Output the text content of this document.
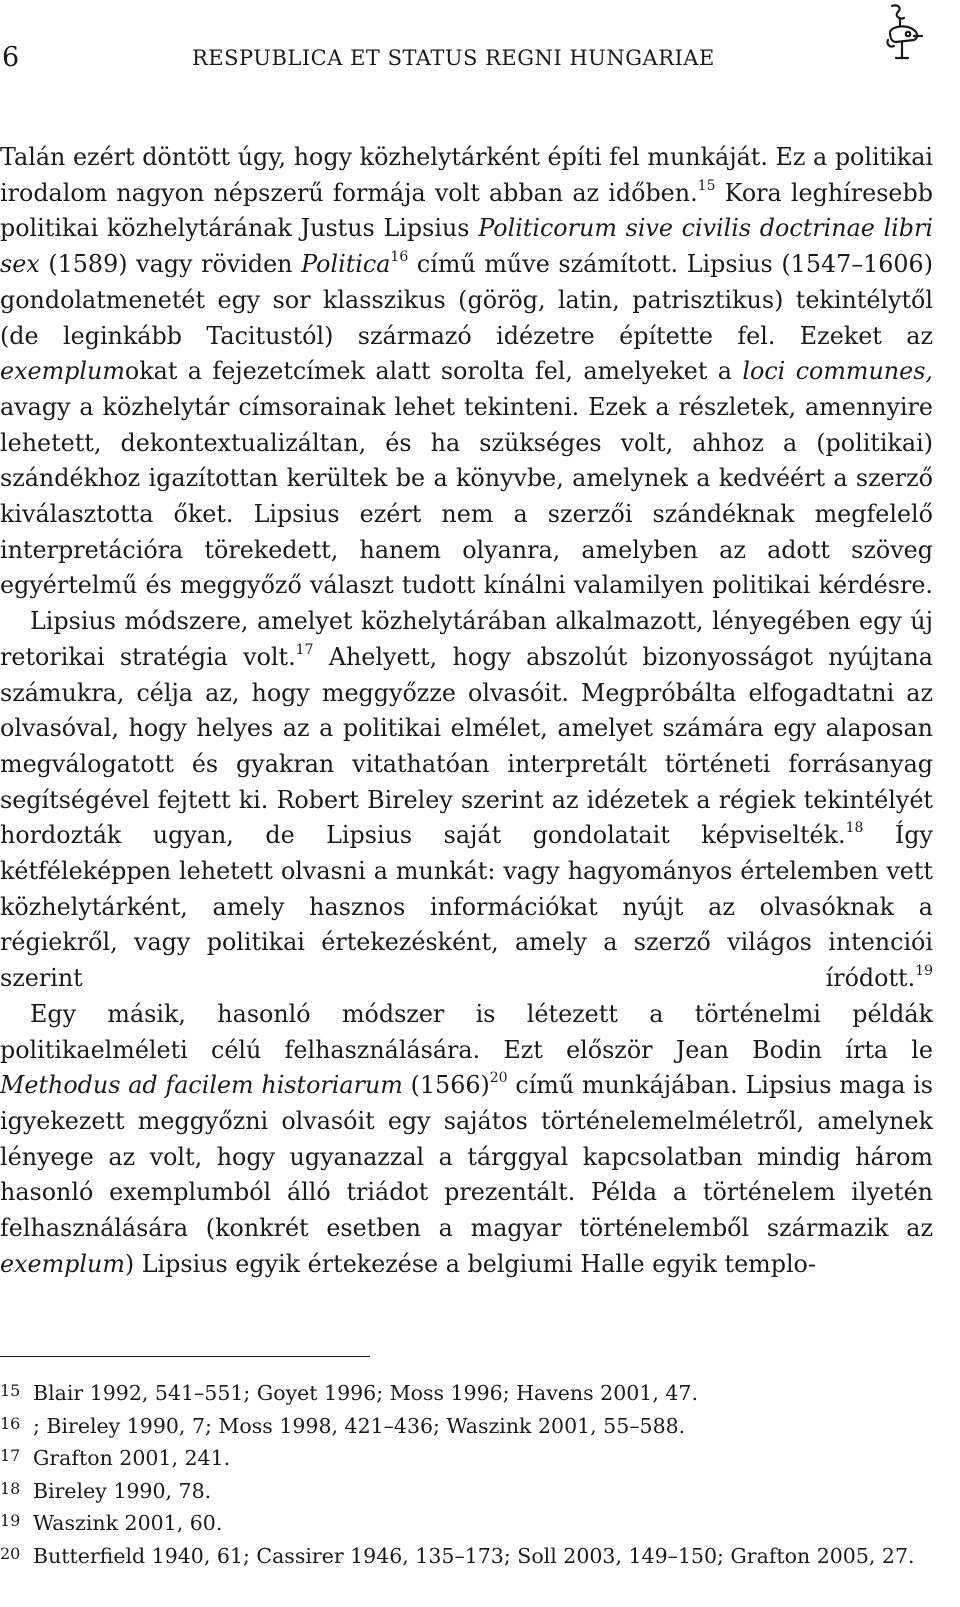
6	RESPUBLICA ET STATUS REGNI HUNGARIAE

Talán ezért döntött úgy, hogy közhelytárként építi fel munkáját. Ez a politikai irodalom nagyon népszerű formája volt abban az időben.$^{15}$ Kora leghíresebb politikai közhelytárának Justus Lipsius Politicorum sive civilis doctrinae libri sex (1589) vagy röviden Politica$^{16}$ című műve számított. Lipsius (1547–1606) gondolatmenetét egy sor klasszikus (görög, latin, patrisztikus) tekintélytől (de leginkább Tacitustól) származó idézetre építette fel. Ezeket az exemplumokat a fejezetcímek alatt sorolta fel, amelyeket a loci communes, avagy a közhelytár címsorainak lehet tekinteni. Ezek a részletek, amennyire lehetett, dekontextualizáltan, és ha szükséges volt, ahhoz a (politikai) szándékhoz igazítottan kerültek be a könyvbe, amelynek a kedvéért a szerző kiválasztotta őket. Lipsius ezért nem a szerzői szándéknak megfelelő interpretációra törekedett, hanem olyanra, amelyben az adott szöveg egyértelmű és meggyőző választ tudott kínálni valamilyen politikai kérdésre.

Lipsius módszere, amelyet közhelytárában alkalmazott, lényegében egy új retorikai stratégia volt.$^{17}$ Ahelyett, hogy abszolút bizonyosságot nyújtana számukra, célja az, hogy meggyőzze olvasóit. Megpróbálta elfogadtatni az olvasóval, hogy helyes az a politikai elmélet, amelyet számára egy alaposan megválogatott és gyakran vitathatóan interpretált történeti forrásanyag segítségével fejtett ki. Robert Bireley szerint az idézetek a régiek tekintélyét hordozták ugyan, de Lipsius saját gondolatait képviselték.$^{18}$ Így kétféleképpen lehetett olvasni a munkát: vagy hagyományos értelemben vett közhelytárként, amely hasznos információkat nyújt az olvasóknak a régiekről, vagy politikai értekezésként, amely a szerző világos intenciói szerint íródott.$^{19}$

Egy másik, hasonló módszer is létezett a történelmi példák politikaelméleti célú felhasználására. Ezt először Jean Bodin írta le Methodus ad facilem historiarum $(1566)^{20}$ című munkájában. Lipsius maga is igyekezett meggyőzni olvasóit egy sajátos történelemelméletről, amelynek lényege az volt, hogy ugyanazzal a tárggyal kapcsolatban mindig három hasonló exemplumból álló triádot prezentált. Példa a történelem ilyetén felhasználására (konkrét esetben a magyar történelemből származik az exemplum) Lipsius egyik értekezése a belgiumi Halle egyik templo-

15 Blair 1992, 541–551; Goyet 1996; Moss 1996; Havens 2001, 47.
16 ; Bireley 1990, 7; Moss 1998, 421–436; Waszink 2001, 55–588.
17 Grafton 2001, 241.
18 Bireley 1990, 78.
19 Waszink 2001, 60.
20 Butterfield 1940, 61; Cassirer 1946, 135–173; Soll 2003, 149–150; Grafton 2005, 27.
